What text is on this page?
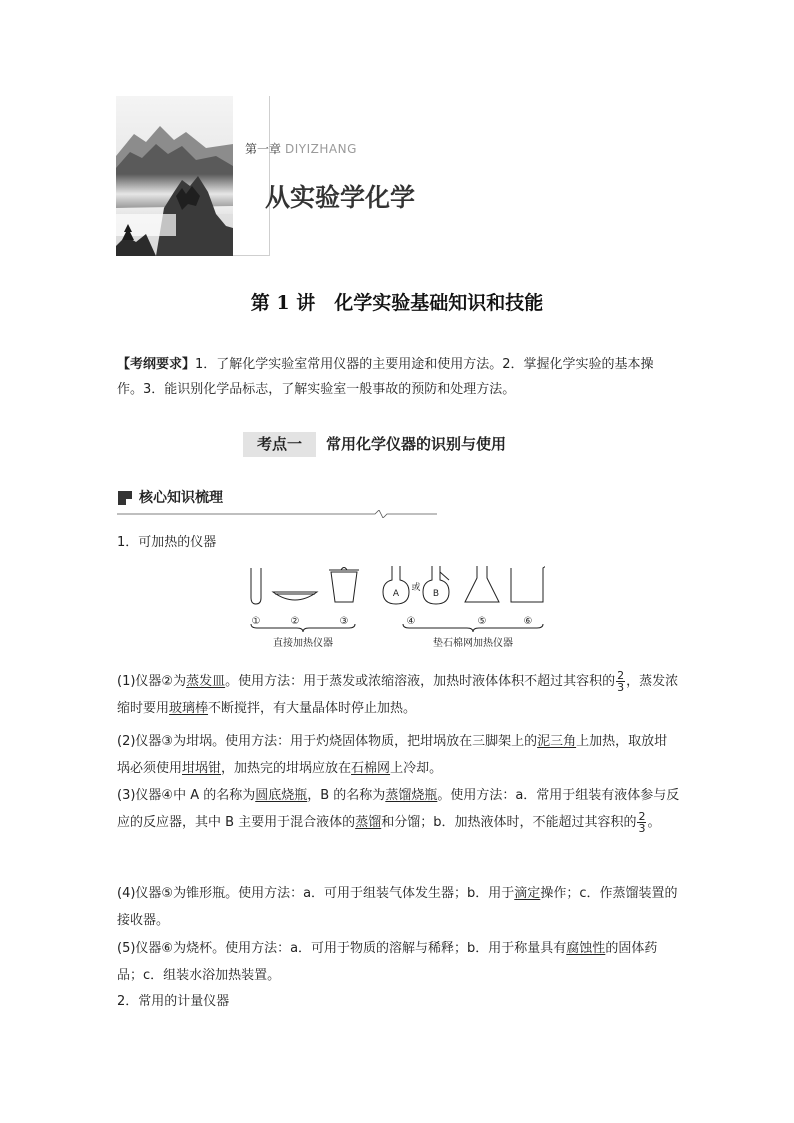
第一章 DIYIZHANG
从实验学化学
第 1 讲　化学实验基础知识和技能
【考纲要求】1．了解化学实验室常用仪器的主要用途和使用方法。2．掌握化学实验的基本操作。3．能识别化学品标志，了解实验室一般事故的预防和处理方法。
考点一 常用化学仪器的识别与使用
核心知识梳理
1．可加热的仪器
A
或
B
①	②	③	④	⑤	⑥
直接加热仪器	垫石棉网加热仪器
(1)仪器②为蒸发皿。使用方法：用于蒸发或浓缩溶液，加热时液体体积不超过其容积的 $\frac{2}{3}$ ，蒸发浓缩时要用玻璃棒不断搅拌，有大量晶体时停止加热。
(2)仪器③为坩埚。使用方法：用于灼烧固体物质，把坩埚放在三脚架上的泥三角上加热，取放坩埚必须使用坩埚钳，加热完的坩埚应放在石棉网上冷却。
(3)仪器④中 A 的名称为圆底烧瓶，B 的名称为蒸馏烧瓶。使用方法：a．常用于组装有液体参与反应的反应器，其中 B 主要用于混合液体的蒸馏和分馏；b．加热液体时，不能超过其容积的 $\frac{2}{3}$ 。
(4)仪器⑤为锥形瓶。使用方法：a．可用于组装气体发生器；b．用于滴定操作；c．作蒸馏装置的接收器。
(5)仪器⑥为烧杯。使用方法：a．可用于物质的溶解与稀释；b．用于称量具有腐蚀性的固体药品；c．组装水浴加热装置。
2．常用的计量仪器
